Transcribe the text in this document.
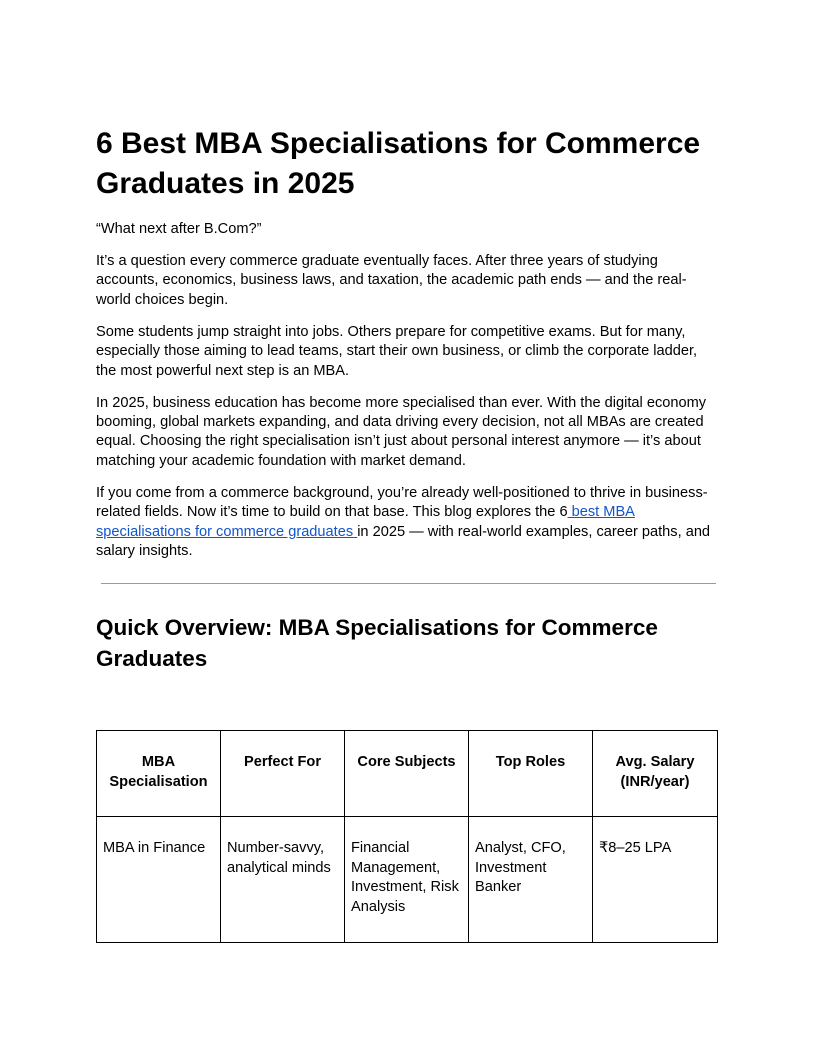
6 Best MBA Specialisations for Commerce Graduates in 2025

“What next after B.Com?”

It’s a question every commerce graduate eventually faces. After three years of studying accounts, economics, business laws, and taxation, the academic path ends — and the real-world choices begin.

Some students jump straight into jobs. Others prepare for competitive exams. But for many, especially those aiming to lead teams, start their own business, or climb the corporate ladder, the most powerful next step is an MBA.

In 2025, business education has become more specialised than ever. With the digital economy booming, global markets expanding, and data driving every decision, not all MBAs are created equal. Choosing the right specialisation isn’t just about personal interest anymore — it’s about matching your academic foundation with market demand.

If you come from a commerce background, you’re already well-positioned to thrive in business-related fields. Now it’s time to build on that base. This blog explores the 6 best MBA specialisations for commerce graduates in 2025 — with real-world examples, career paths, and salary insights.

Quick Overview: MBA Specialisations for Commerce Graduates
MBA Specialisation	Perfect For	Core Subjects	Top Roles	Avg. Salary (INR/year)
MBA in Finance	Number-savvy, analytical minds	Financial Management, Investment, Risk Analysis	Analyst, CFO, Investment Banker	₹8–25 LPA
